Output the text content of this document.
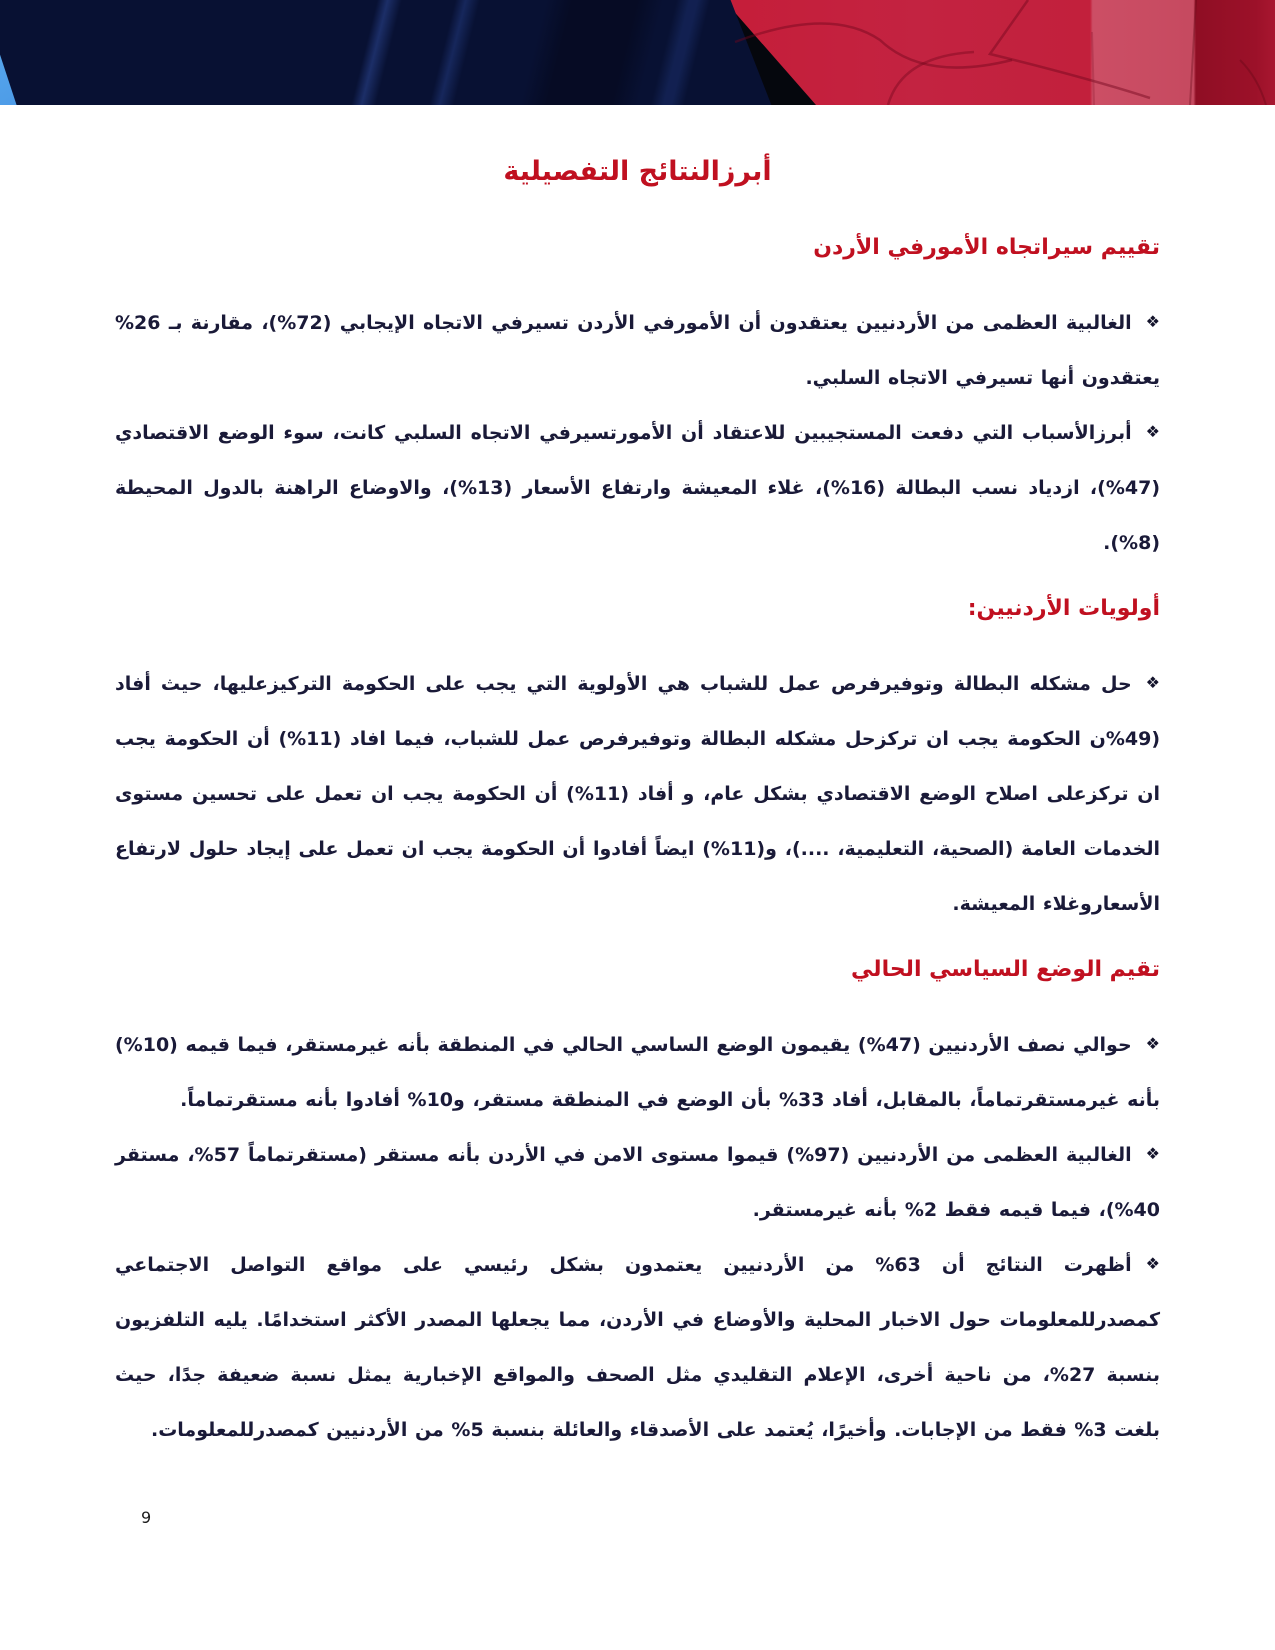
أبرزالنتائج التفصيلية
تقييم سيراتجاه الأمورفي الأردن

❖الغالبية العظمى من الأردنيين يعتقدون أن الأمورفي الأردن تسيرفي الاتجاه الإيجابي (72%)، مقارنة بـ 26% يعتقدون أنها تسيرفي الاتجاه السلبي.

❖أبرزالأسباب التي دفعت المستجيبين للاعتقاد أن الأمورتسيرفي الاتجاه السلبي كانت، سوء الوضع الاقتصادي (47%)، ازدياد نسب البطالة (16%)، غلاء المعيشة وارتفاع الأسعار (13%)، والاوضاع الراهنة بالدول المحيطة (8%).

أولويات الأردنيين:

❖حل مشكله البطالة وتوفيرفرص عمل للشباب هي الأولوية التي يجب على الحكومة التركيزعليها، حيث أفاد (49%ن الحكومة يجب ان تركزحل مشكله البطالة وتوفيرفرص عمل للشباب، فيما افاد (11%) أن الحكومة يجب ان تركزعلى اصلاح الوضع الاقتصادي بشكل عام، و أفاد (11%) أن الحكومة يجب ان تعمل على تحسين مستوى الخدمات العامة (الصحية، التعليمية، ....)، و(11%) ايضاً أفادوا أن الحكومة يجب ان تعمل على إيجاد حلول لارتفاع الأسعاروغلاء المعيشة.

تقيم الوضع السياسي الحالي

❖حوالي نصف الأردنيين (47%) يقيمون الوضع الساسي الحالي في المنطقة بأنه غيرمستقر، فيما قيمه (10%) بأنه غيرمستقرتماماً، بالمقابل، أفاد 33% بأن الوضع في المنطقة مستقر، و10% أفادوا بأنه مستقرتماماً.

❖الغالبية العظمى من الأردنيين (97%) قيموا مستوى الامن في الأردن بأنه مستقر (مستقرتماماً 57%، مستقر 40%)، فيما قيمه فقط 2% بأنه غيرمستقر.

❖أظهرت النتائج أن 63% من الأردنيين يعتمدون بشكل رئيسي على مواقع التواصل الاجتماعي كمصدرللمعلومات حول الاخبار المحلية والأوضاع في الأردن، مما يجعلها المصدر الأكثر استخدامًا. يليه التلفزيون بنسبة 27%، من ناحية أخرى، الإعلام التقليدي مثل الصحف والمواقع الإخبارية يمثل نسبة ضعيفة جدًا، حيث بلغت 3% فقط من الإجابات. وأخيرًا، يُعتمد على الأصدقاء والعائلة بنسبة 5% من الأردنيين كمصدرللمعلومات.

9
